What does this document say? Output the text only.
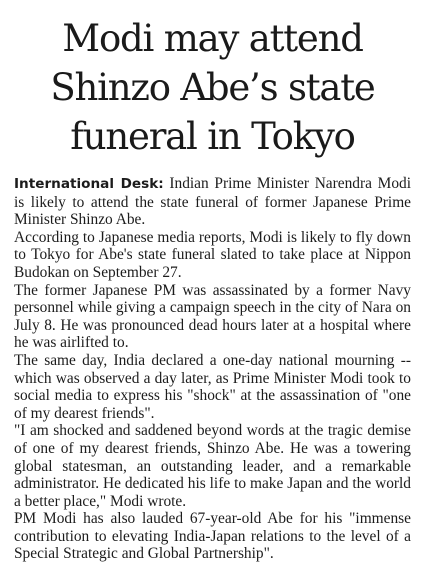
Modi may attend
Shinzo Abe’s state
funeral in Tokyo

International Desk: Indian Prime Minister Narendra Modi is likely to attend the state funeral of former Japanese Prime Minister Shinzo Abe.

According to Japanese media reports, Modi is likely to fly down to Tokyo for Abe's state funeral slated to take place at Nippon Budokan on September 27.

The former Japanese PM was assassinated by a former Navy personnel while giving a campaign speech in the city of Nara on July 8. He was pronounced dead hours later at a hospital where he was airlifted to.

The same day, India declared a one-day national mourning -- which was observed a day later, as Prime Minister Modi took to social media to express his "shock" at the assassination of "one of my dearest friends".

"I am shocked and saddened beyond words at the tragic demise of one of my dearest friends, Shinzo Abe. He was a towering global statesman, an outstanding leader, and a remarkable administrator. He dedicated his life to make Japan and the world a better place," Modi wrote.

PM Modi has also lauded 67-year-old Abe for his "immense contribution to elevating India-Japan relations to the level of a Special Strategic and Global Partnership".
